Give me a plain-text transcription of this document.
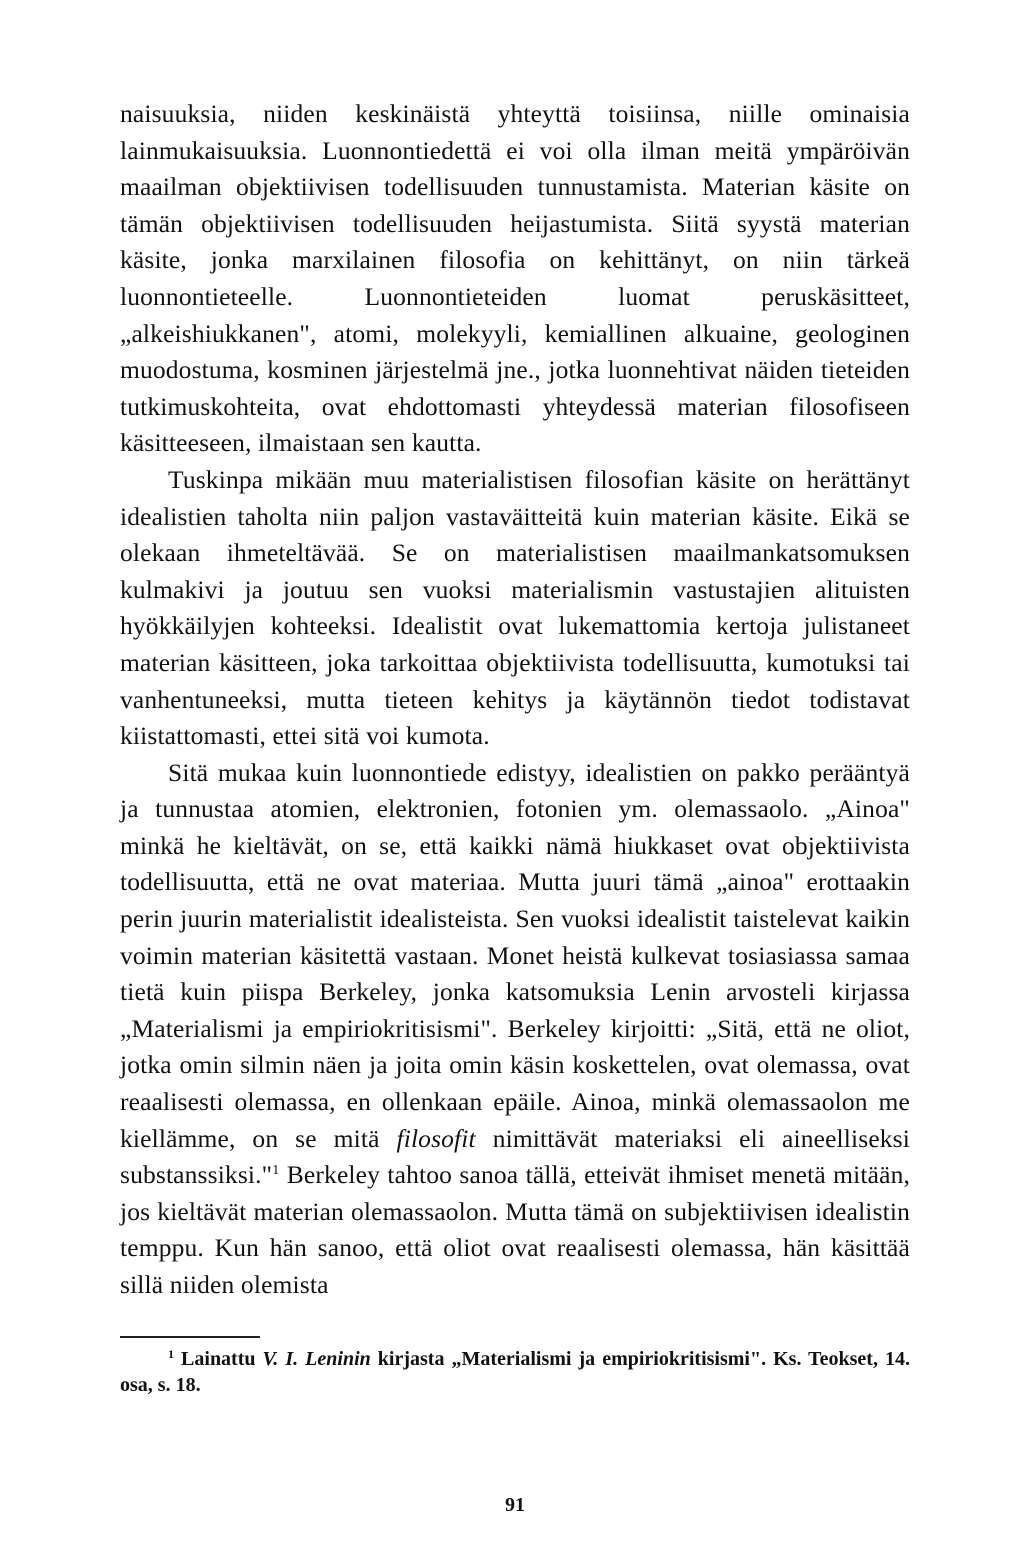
naisuuksia, niiden keskinäistä yhteyttä toisiinsa, niille ominaisia lainmukaisuuksia. Luonnontiedettä ei voi olla ilman meitä ympäröivän maailman objektiivisen todellisuuden tunnustamista. Materian käsite on tämän objektiivisen todellisuuden heijastumista. Siitä syystä materian käsite, jonka marxilainen filosofia on kehittänyt, on niin tärkeä luonnontieteelle. Luonnontieteiden luomat peruskäsitteet, „alkeishiukkanen", atomi, molekyyli, kemiallinen alkuaine, geologinen muodostuma, kosminen järjestelmä jne., jotka luonnehtivat näiden tieteiden tutkimuskohteita, ovat ehdottomasti yhteydessä materian filosofiseen käsitteeseen, ilmaistaan sen kautta.

Tuskinpa mikään muu materialistisen filosofian käsite on herättänyt idealistien taholta niin paljon vastaväitteitä kuin materian käsite. Eikä se olekaan ihmeteltävää. Se on materialistisen maailmankatsomuksen kulmakivi ja joutuu sen vuoksi materialismin vastustajien alituisten hyökkäilyjen kohteeksi. Idealistit ovat lukemattomia kertoja julistaneet materian käsitteen, joka tarkoittaa objektiivista todellisuutta, kumotuksi tai vanhentuneeksi, mutta tieteen kehitys ja käytännön tiedot todistavat kiistattomasti, ettei sitä voi kumota.

Sitä mukaa kuin luonnontiede edistyy, idealistien on pakko perääntyä ja tunnustaa atomien, elektronien, fotonien ym. olemassaolo. „Ainoa" minkä he kieltävät, on se, että kaikki nämä hiukkaset ovat objektiivista todellisuutta, että ne ovat materiaa. Mutta juuri tämä „ainoa" erottaakin perin juurin materialistit idealisteista. Sen vuoksi idealistit taistelevat kaikin voimin materian käsitettä vastaan. Monet heistä kulkevat tosiasiassa samaa tietä kuin piispa Berkeley, jonka katsomuksia Lenin arvosteli kirjassa „Materialismi ja empiriokritisismi". Berkeley kirjoitti: „Sitä, että ne oliot, jotka omin silmin näen ja joita omin käsin koskettelen, ovat olemassa, ovat reaalisesti olemassa, en ollenkaan epäile. Ainoa, minkä olemassaolon me kiellämme, on se mitä filosofit nimittävät materiaksi eli aineelliseksi substanssiksi."$^1$ Berkeley tahtoo sanoa tällä, etteivät ihmiset menetä mitään, jos kieltävät materian olemassaolon. Mutta tämä on subjektiivisen idealistin temppu. Kun hän sanoo, että oliot ovat reaalisesti olemassa, hän käsittää sillä niiden olemista

$^1$ Lainattu V. I. Leninin kirjasta „Materialismi ja empiriokritisismi". Ks. Teokset, 14. osa, s. 18.

91
